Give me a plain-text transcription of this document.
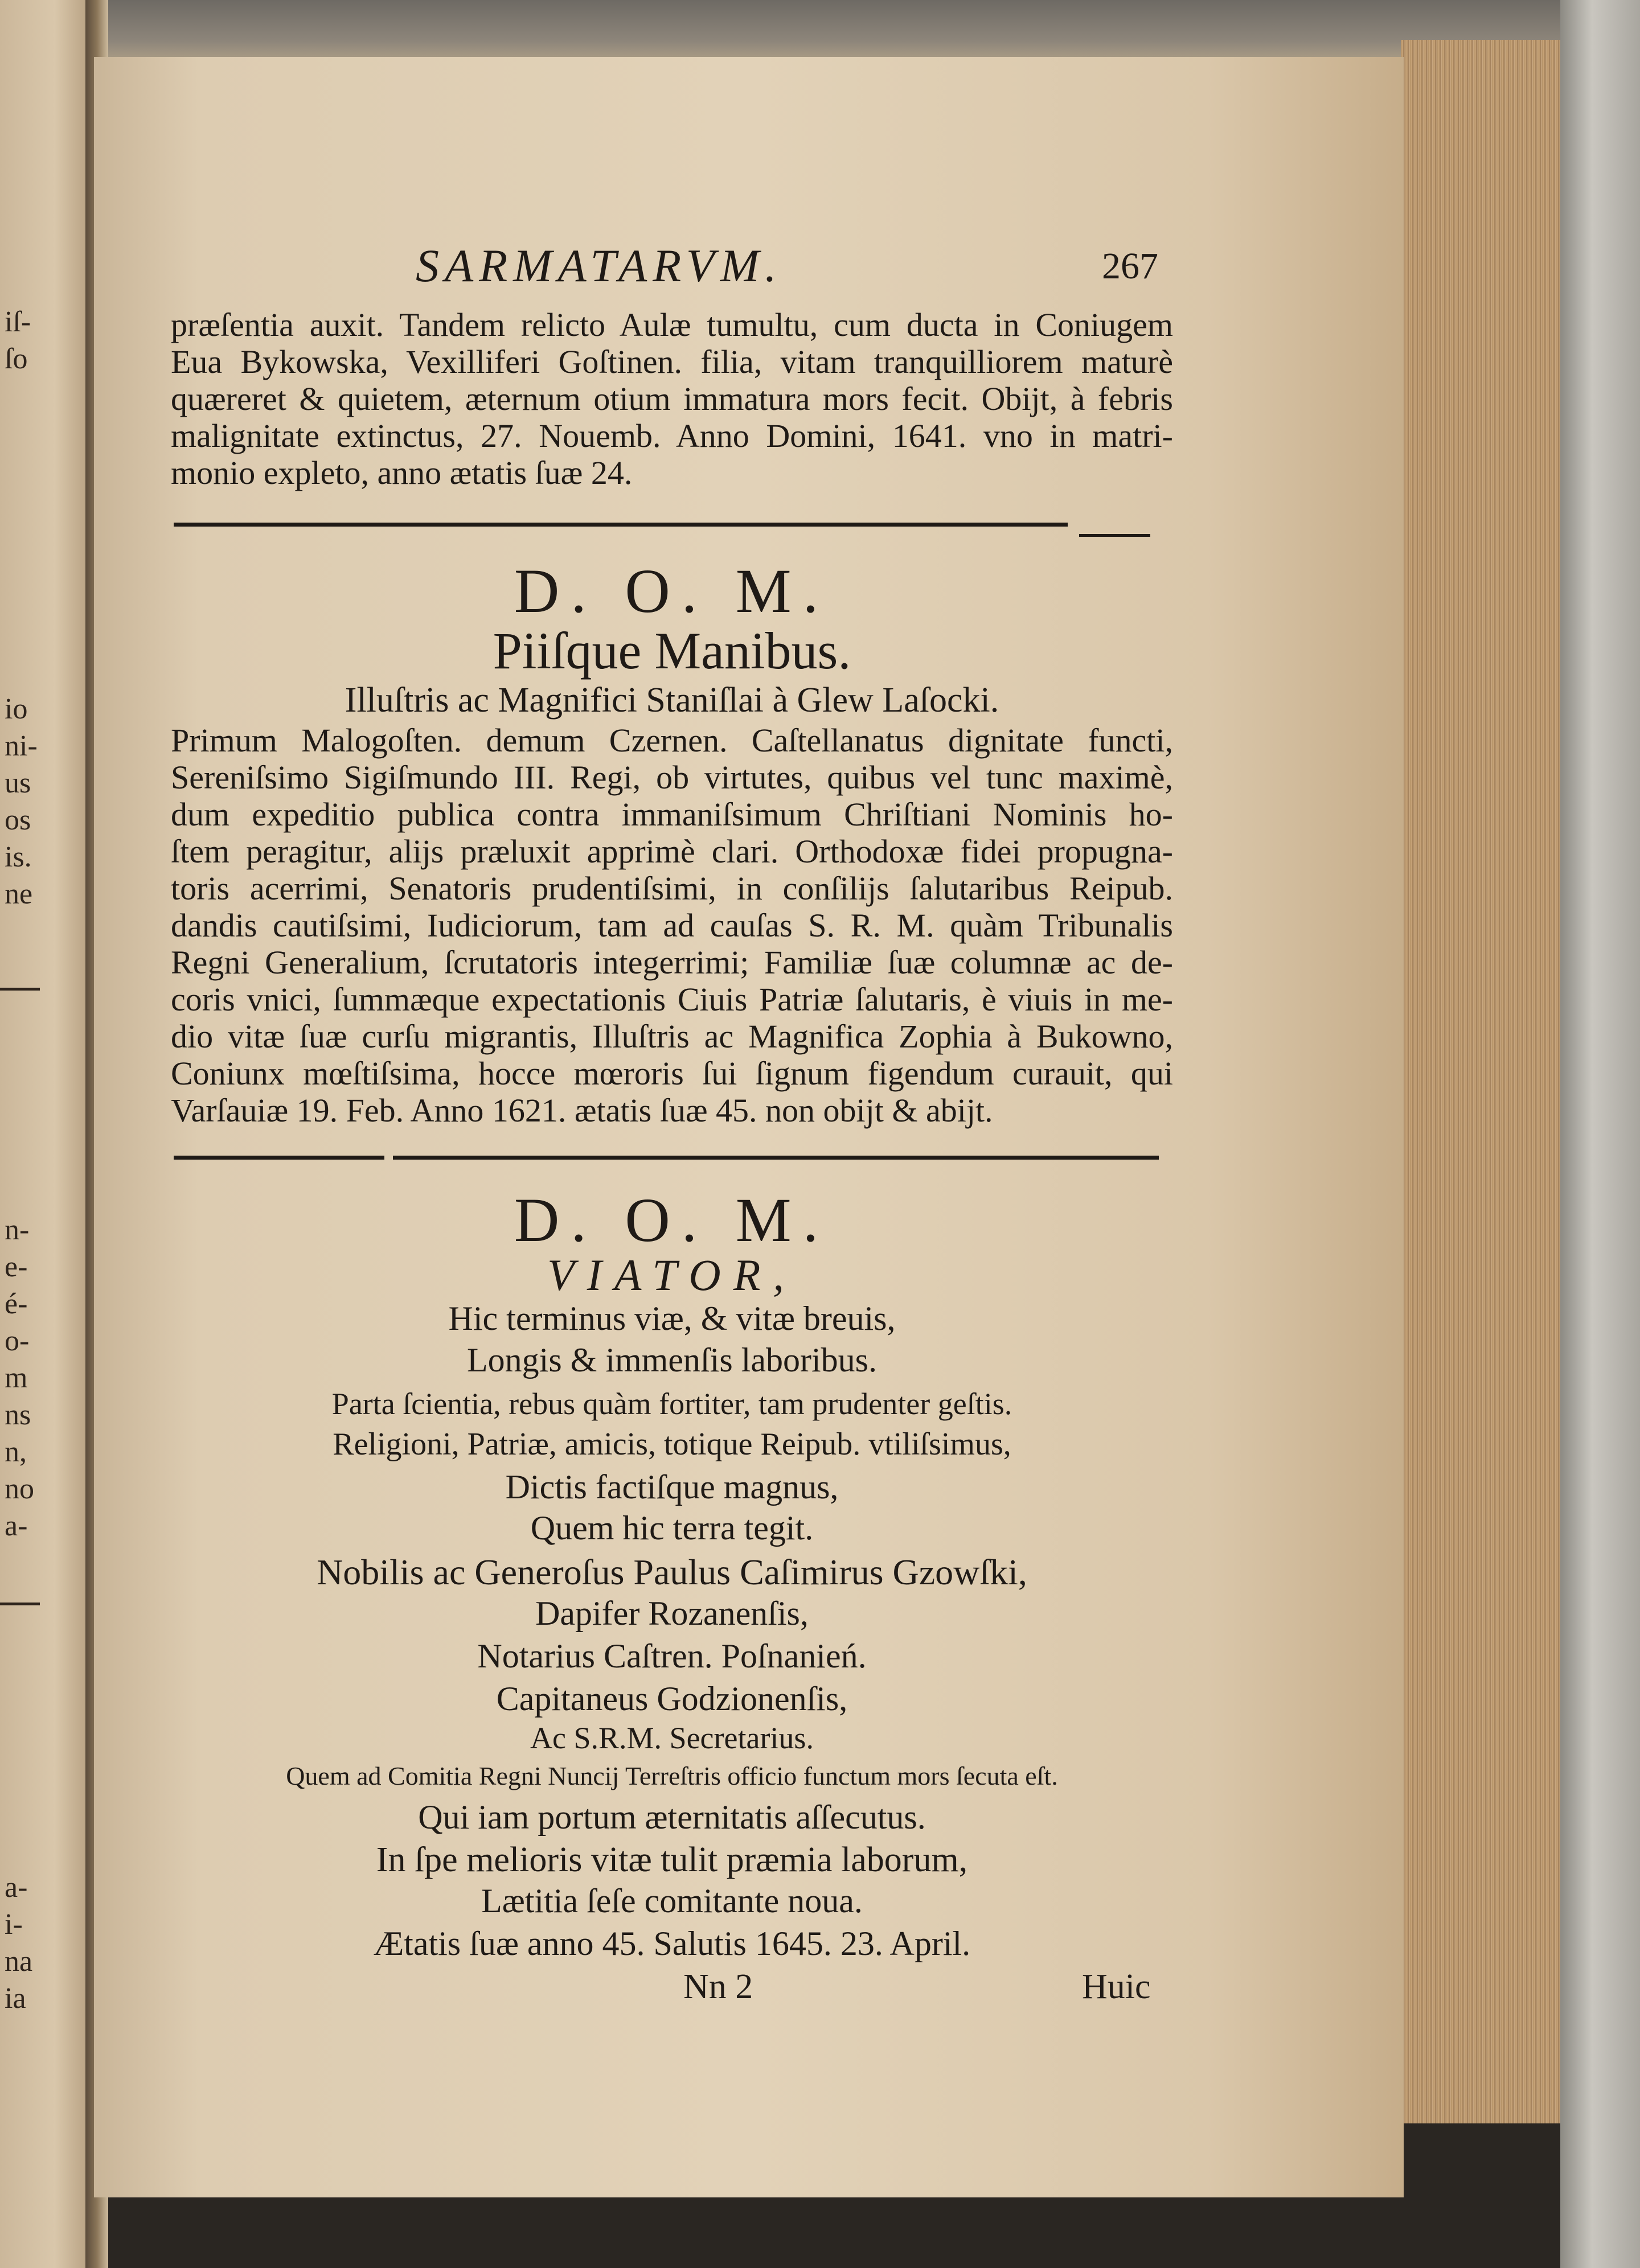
iſ-
ſo
io
ni-
us
os
is.
ne
n-
e-
é-
o-
m
ns
n,
no
a-
a-
i-
na
ia
SARMATARVM.	267
præſentia auxit. Tandem relicto Aulæ tumultu, cum ducta in Coniugem
Eua Bykowska, Vexilliferi Goſtinen. filia, vitam tranquilliorem maturè
quæreret & quietem, æternum otium immatura mors fecit. Obijt, à febris
malignitate extinctus, 27. Nouemb. Anno Domini, 1641. vno in matri-
monio expleto, anno ætatis ſuæ 24.
D. O. M.
Piiſque Manibus.
Illuſtris ac Magnifici Staniſlai à Glew Laſocki.
Primum Malogoſten. demum Czernen. Caſtellanatus dignitate functi,
Sereniſsimo Sigiſmundo III. Regi, ob virtutes, quibus vel tunc maximè,
dum expeditio publica contra immaniſsimum Chriſtiani Nominis ho-
ſtem peragitur, alijs præluxit apprimè clari. Orthodoxæ fidei propugna-
toris acerrimi, Senatoris prudentiſsimi, in conſilijs ſalutaribus Reipub.
dandis cautiſsimi, Iudiciorum, tam ad cauſas S. R. M. quàm Tribunalis
Regni Generalium, ſcrutatoris integerrimi; Familiæ ſuæ columnæ ac de-
coris vnici, ſummæque expectationis Ciuis Patriæ ſalutaris, è viuis in me-
dio vitæ ſuæ curſu migrantis, Illuſtris ac Magnifica Zophia à Bukowno,
Coniunx mœſtiſsima, hocce mœroris ſui ſignum figendum curauit, qui
Varſauiæ 19. Feb. Anno 1621. ætatis ſuæ 45. non obijt & abijt.
D. O. M.
VIATOR,
Hic terminus viæ, & vitæ breuis,
Longis & immenſis laboribus.
Parta ſcientia, rebus quàm fortiter, tam prudenter geſtis.
Religioni, Patriæ, amicis, totique Reipub. vtiliſsimus,
Dictis factiſque magnus,
Quem hic terra tegit.
Nobilis ac Generoſus Paulus Caſimirus Gzowſki,
Dapifer Rozanenſis,
Notarius Caſtren. Poſnanień.
Capitaneus Godzionenſis,
Ac S.R.M. Secretarius.
Quem ad Comitia Regni Nuncij Terreſtris officio functum mors ſecuta eſt.
Qui iam portum æternitatis aſſecutus.
In ſpe melioris vitæ tulit præmia laborum,
Lætitia ſeſe comitante noua.
Ætatis ſuæ anno 45. Salutis 1645. 23. April.
Nn 2	Huic
